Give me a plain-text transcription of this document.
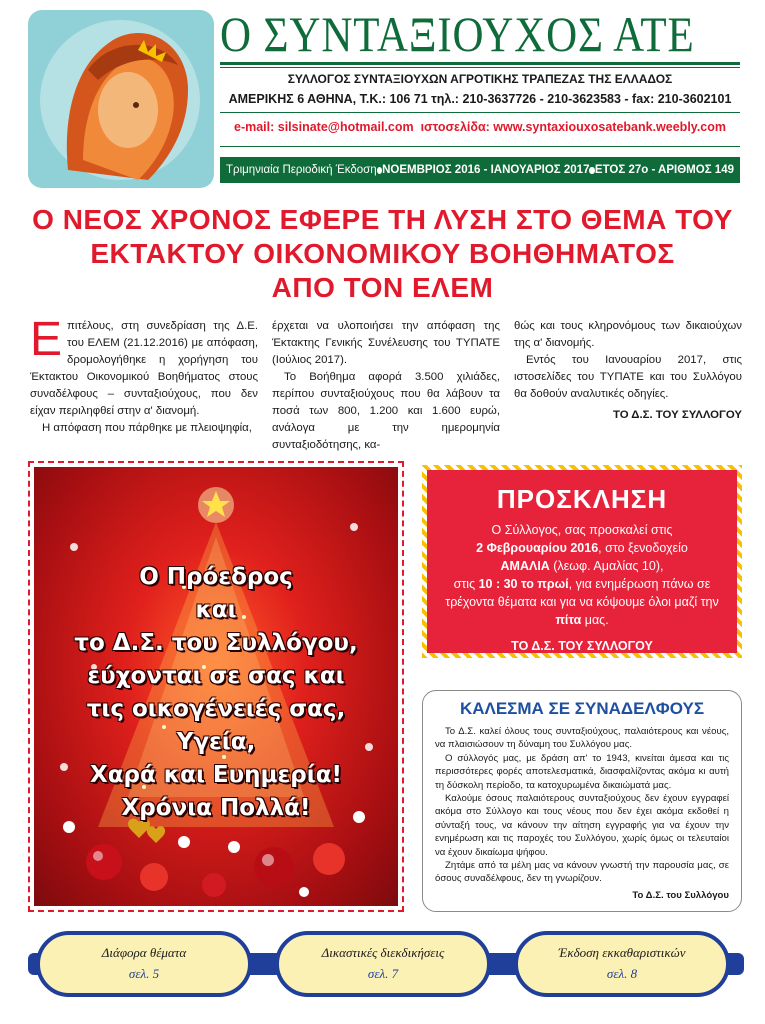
Ο ΣΥΝΤΑΞΙΟΥΧΟΣ ΑΤΕ
ΣΥΛΛΟΓΟΣ ΣΥΝΤΑΞΙΟΥΧΩΝ ΑΓΡΟΤΙΚΗΣ ΤΡΑΠΕΖΑΣ ΤΗΣ ΕΛΛΑΔΟΣ
ΑΜΕΡΙΚΗΣ 6 ΑΘΗΝΑ, Τ.Κ.: 106 71 τηλ.: 210-3637726 - 210-3623583 - fax: 210-3602101
e-mail: silsinate@hotmail.com ιστοσελίδα: www.syntaxiouxosatebank.weebly.com
Τριμηνιαία Περιοδική Έκδοση ΝΟΕΜΒΡΙΟΣ 2016 - ΙΑΝΟΥΑΡΙΟΣ 2017 ΕΤΟΣ 27ο - ΑΡΙΘΜΟΣ 149
Ο ΝΕΟΣ ΧΡΟΝΟΣ ΕΦΕΡΕ ΤΗ ΛΥΣΗ ΣΤΟ ΘΕΜΑ ΤΟΥ
ΕΚΤΑΚΤΟΥ ΟΙΚΟΝΟΜΙΚΟΥ ΒΟΗΘΗΜΑΤΟΣ
ΑΠΟ ΤΟΝ ΕΛΕΜ

Επιτέλους, στη συνεδρίαση της Δ.Ε. του ΕΛΕΜ (21.12.2016) με απόφαση, δρομολογήθηκε η χορήγηση του Έκτακτου Οικονομικού Βοηθήματος στους συναδέλφους – συνταξιούχους, που δεν είχαν περιληφθεί στην α' διανομή.

Η απόφαση που πάρθηκε με πλειοψηφία,

έρχεται να υλοποιήσει την απόφαση της Έκτακτης Γενικής Συνέλευσης του ΤΥΠΑΤΕ (Ιούλιος 2017).

Το Βοήθημα αφορά 3.500 χιλιάδες, περίπου συνταξιούχους που θα λάβουν τα ποσά των 800, 1.200 και 1.600 ευρώ, ανάλογα με την ημερομηνία συνταξιοδότησης, κα-

θώς και τους κληρονόμους των δικαιούχων της α' διανομής.

Εντός του Ιανουαρίου 2017, στις ιστοσελίδες του ΤΥΠΑΤΕ και του Συλλόγου θα δοθούν αναλυτικές οδηγίες.

ΤΟ Δ.Σ. ΤΟΥ ΣΥΛΛΟΓΟΥ

Ο Πρόεδρος
και
το Δ.Σ. του Συλλόγου,
εύχονται σε σας και
τις οικογένειές σας,
Υγεία,
Χαρά και Ευημερία!
Χρόνια Πολλά!
ΠΡΟΣΚΛΗΣΗ
Ο Σύλλογος, σας προσκαλεί στις
2 Φεβρουαρίου 2016, στο ξενοδοχείο
ΑΜΑΛΙΑ (λεωφ. Αμαλίας 10),
στις 10 : 30 το πρωί, για ενημέρωση πάνω σε τρέχοντα θέματα και για να κόψουμε όλοι μαζί την πίτα μας.
ΤΟ Δ.Σ. ΤΟΥ ΣΥΛΛΟΓΟΥ
ΚΑΛΕΣΜΑ ΣΕ ΣΥΝΑΔΕΛΦΟΥΣ

Το Δ.Σ. καλεί όλους τους συνταξιούχους, παλαιότερους και νέους, να πλαισιώσουν τη δύναμη του Συλλόγου μας.

Ο σύλλογός μας, με δράση απ' το 1943, κινείται άμεσα και τις περισσότερες φορές αποτελεσματικά, διασφαλίζοντας ακόμα κι αυτή τη δύσκολη περίοδο, τα κατοχυρωμένα δικαιώματά μας.

Καλούμε όσους παλαιότερους συνταξιούχους δεν έχουν εγγραφεί ακόμα στο Σύλλογο και τους νέους που δεν έχει ακόμα εκδοθεί η σύνταξή τους, να κάνουν την αίτηση εγγραφής για να έχουν την ενημέρωση και τις παροχές του Συλλόγου, χωρίς όμως οι τελευταίοι να έχουν δικαίωμα ψήφου.

Ζητάμε από τα μέλη μας να κάνουν γνωστή την παρουσία μας, σε όσους συναδέλφους, δεν τη γνωρίζουν.

Το Δ.Σ. του Συλλόγου

Διάφορα θέματα
σελ. 5
Δικαστικές διεκδικήσεις
σελ. 7
Έκδοση εκκαθαριστικών
σελ. 8
